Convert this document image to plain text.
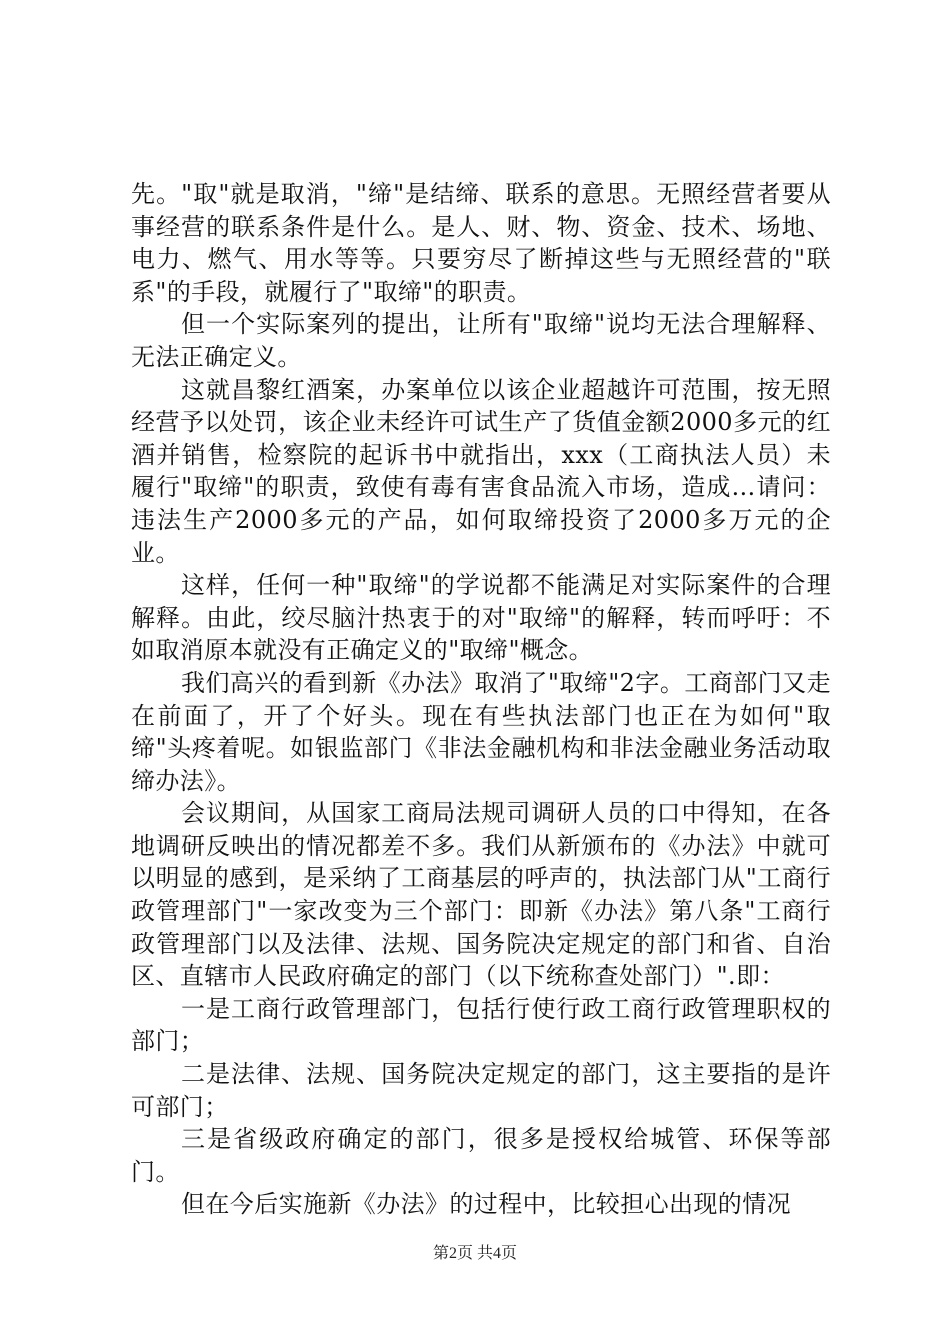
先。"取"就是取消，"缔"是结缔、联系的意思。无照经营者要从事经营的联系条件是什么。是人、财、物、资金、技术、场地、电力、燃气、用水等等。只要穷尽了断掉这些与无照经营的"联系"的手段，就履行了"取缔"的职责。

但一个实际案列的提出，让所有"取缔"说均无法合理解释、无法正确定义。

这就昌黎红酒案，办案单位以该企业超越许可范围，按无照经营予以处罚，该企业未经许可试生产了货值金额2000多元的红酒并销售，检察院的起诉书中就指出，xxx（工商执法人员）未履行"取缔"的职责，致使有毒有害食品流入市场，造成…请问：违法生产2000多元的产品，如何取缔投资了2000多万元的企业。

这样，任何一种"取缔"的学说都不能满足对实际案件的合理解释。由此，绞尽脑汁热衷于的对"取缔"的解释，转而呼吁：不如取消原本就没有正确定义的"取缔"概念。

我们高兴的看到新《办法》取消了"取缔"2字。工商部门又走在前面了，开了个好头。现在有些执法部门也正在为如何"取缔"头疼着呢。如银监部门《非法金融机构和非法金融业务活动取缔办法》。

会议期间，从国家工商局法规司调研人员的口中得知，在各地调研反映出的情况都差不多。我们从新颁布的《办法》中就可以明显的感到，是采纳了工商基层的呼声的，执法部门从"工商行政管理部门"一家改变为三个部门：即新《办法》第八条"工商行政管理部门以及法律、法规、国务院决定规定的部门和省、自治区、直辖市人民政府确定的部门（以下统称查处部门）".即：

一是工商行政管理部门，包括行使行政工商行政管理职权的部门；

二是法律、法规、国务院决定规定的部门，这主要指的是许可部门；

三是省级政府确定的部门，很多是授权给城管、环保等部门。

但在今后实施新《办法》的过程中，比较担心出现的情况

第2页 共4页
